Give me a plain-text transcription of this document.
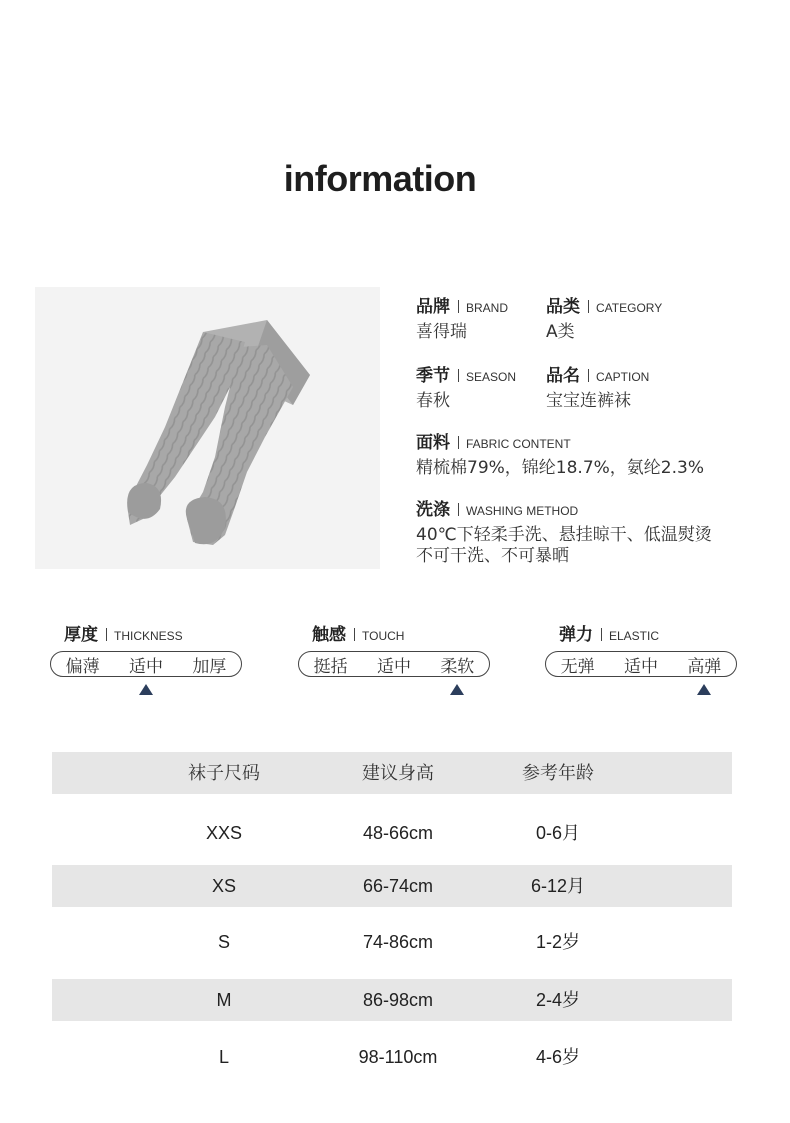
information
品牌 BRAND
喜得瑞
品类 CATEGORY
A类
季节 SEASON
春秋
品名 CAPTION
宝宝连裤袜
面料 FABRIC CONTENT
精梳棉79%，锦纶18.7%，氨纶2.3%
洗涤 WASHING METHOD
40℃下轻柔手洗、悬挂晾干、低温熨烫
不可干洗、不可暴晒
厚度 THICKNESS
偏薄 适中 加厚
触感 TOUCH
挺括 适中 柔软
弹力 ELASTIC
无弹 适中 高弹
袜子尺码	建议身高	参考年龄
XXS	48-66cm	0-6月
XS	66-74cm	6-12月
S	74-86cm	1-2岁
M	86-98cm	2-4岁
L	98-110cm	4-6岁
